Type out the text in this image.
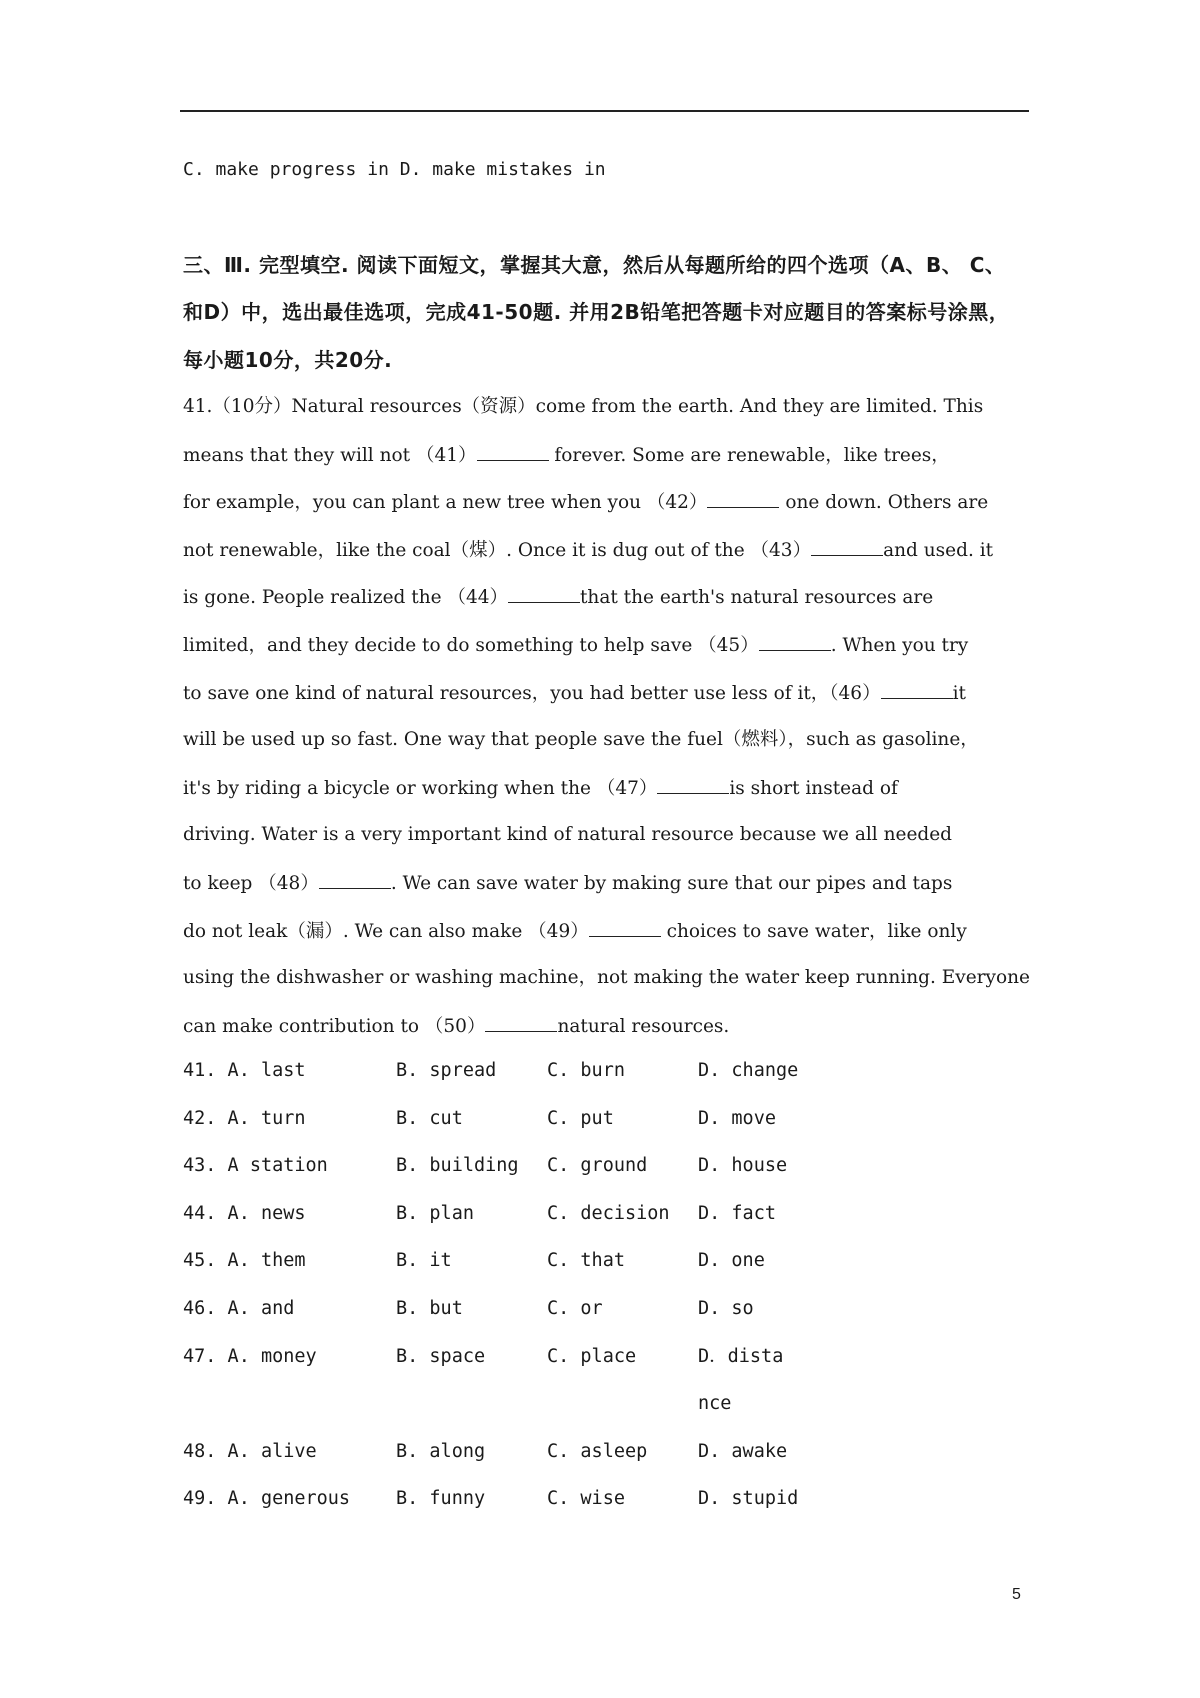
C. make progress in D. make mistakes in
三、Ⅲ. 完型填空. 阅读下面短文，掌握其大意，然后从每题所给的四个选项（A、B、 C、
和D）中，选出最佳选项，完成41-50题. 并用2B铅笔把答题卡对应题目的答案标号涂黑，
每小题10分，共20分.
41.（10分）Natural resources（资源）come from the earth. And they are limited. This
means that they will not （41）	forever. Some are renewable，like trees，
for example，you can plant a new tree when you （42）	one down. Others are
not renewable，like the coal（煤）. Once it is dug out of the （43）	and used. it
is gone. People realized the （44）	that the earth's natural resources are
limited，and they decide to do something to help save （45）	. When you try
to save one kind of natural resources，you had better use less of it，（46）	it
will be used up so fast. One way that people save the fuel（燃料），such as gasoline，
it's by riding a bicycle or working when the （47）	is short instead of
driving. Water is a very important kind of natural resource because we all needed
to keep （48）	. We can save water by making sure that our pipes and taps
do not leak（漏）. We can also make （49）	choices to save water，like only
using the dishwasher or washing machine，not making the water keep running. Everyone
can make contribution to （50）	natural resources.
41. A. last	B. spread	C. burn	D. change
42. A. turn	B. cut	C. put	D. move
43. A station	B. building C. ground	D. house
44. A. news	B. plan	C. decision D. fact
45. A. them	B. it	C. that	D. one
46. A. and	B. but	C. or	D. so
47. A. money	B. space	C. place	D．dista
nce
48. A. alive	B. along	C. asleep	D. awake
49. A. generous B. funny	C. wise	D. stupid
5
